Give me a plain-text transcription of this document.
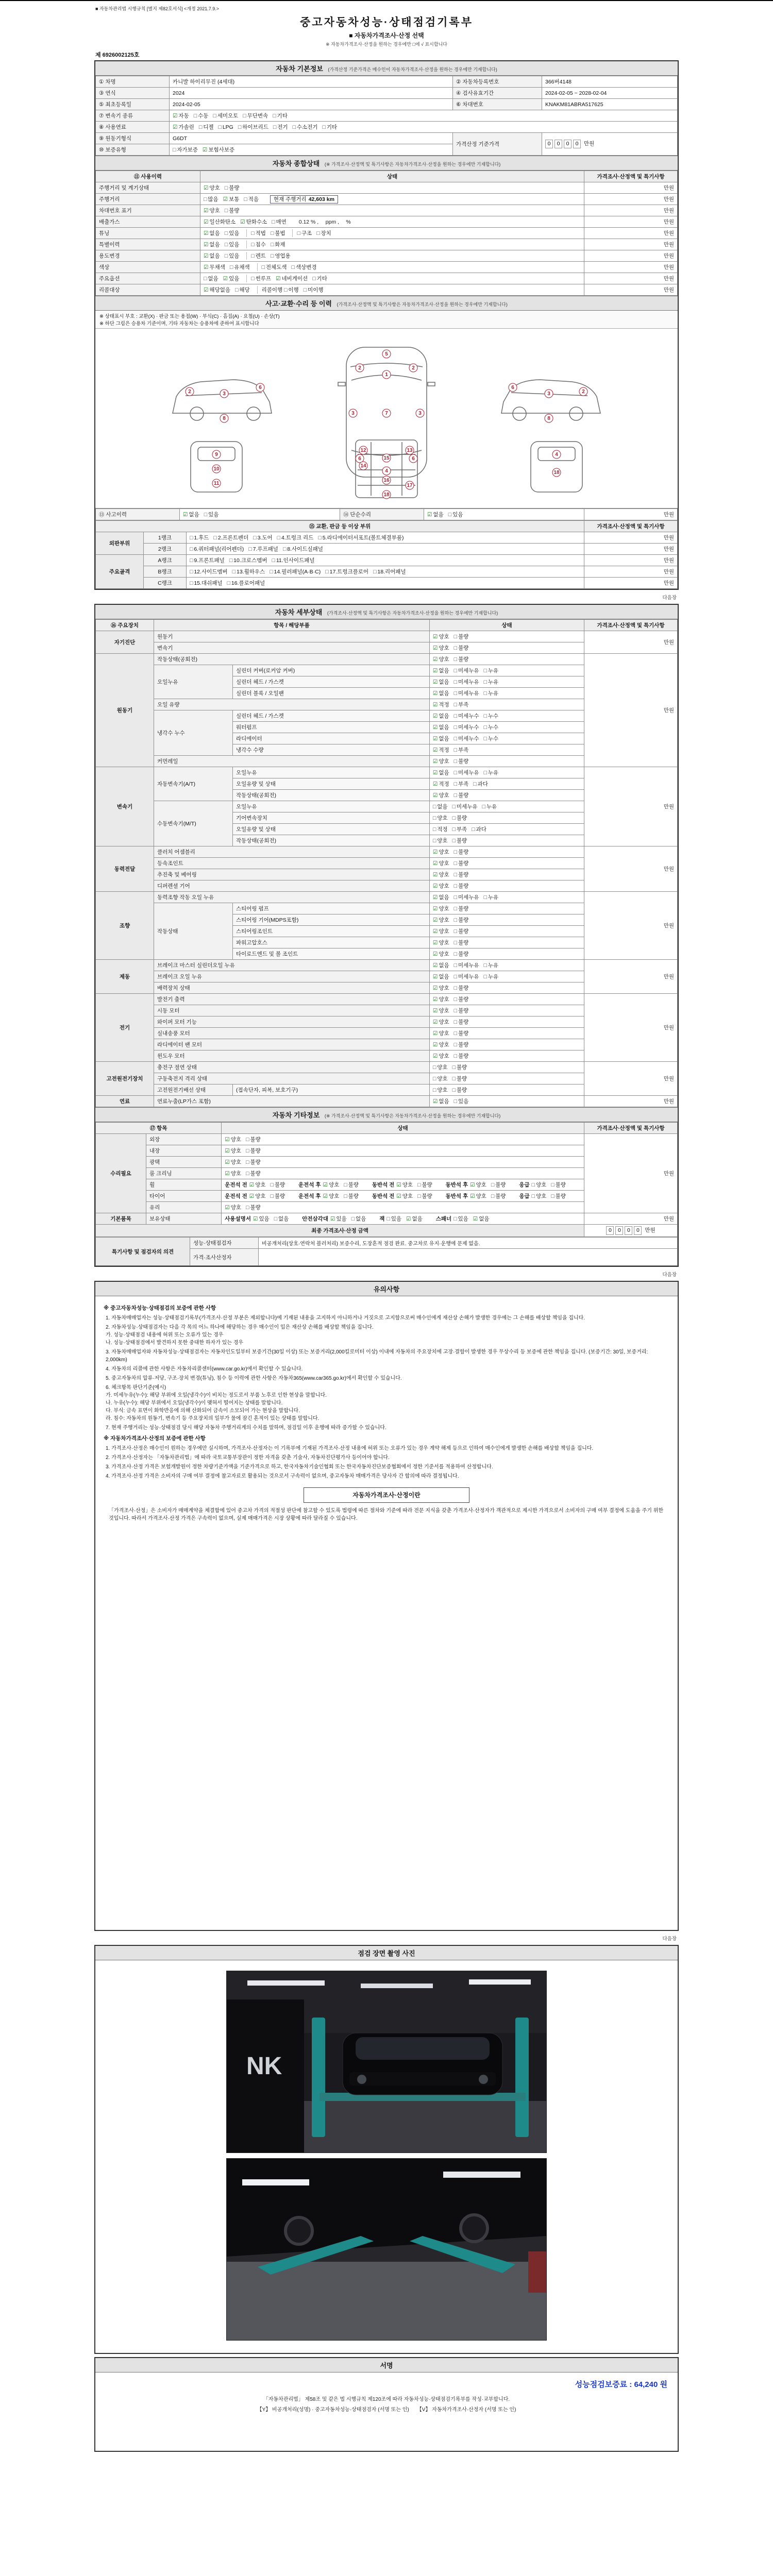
■ 자동차관리법 시행규칙 [별지 제82호서식] <개정 2021.7.9.>
중고자동차성능·상태점검기록부
■ 자동차가격조사·산정 선택
※ 자동차가격조사·산정을 원하는 경우에만 □에 √ 표시합니다
제 6926002125호
자동차 기본정보 (가격산정 기준가격은 매수인이 자동차가격조사·산정을 원하는 경우에만 기재합니다)
① 차명	카니발 하이리무진 (4세대)	② 자동차등록번호	366버4148
③ 연식	2024	④ 검사유효기간	2024-02-05 ~ 2028-02-04
⑤ 최초등록일	2024-02-05	⑥ 차대번호	KNAKM81ABRA517625
⑦ 변속기 종류	☑ 자동 □ 수동 □ 세미오토 □ 무단변속 □ 기타		
⑧ 사용연료	☑ 가솔린 □ 디젤 □ LPG □ 하이브리드 □ 전기 □ 수소전기 □ 기타		
⑨ 원동기형식	G6DT	가격산정 기준가격	0 0 0 0 만원
⑩ 보증유형	□ 자가보증 ☑ 보험사보증		
자동차 종합상태 (※ 가격조사·산정액 및 특기사항은 자동차가격조사·산정을 원하는 경우에만 기재합니다)
⑪ 사용이력	상태	가격조사·산정액 및 특기사항
주행거리 및 계기상태	☑ 양호 □ 불량	만원
주행거리	□ 많음 ☑ 보통 □ 적음 현재 주행거리 42,603 km	만원
차대번호 표기	☑ 양호 □ 불량	만원
배출가스	☑ 일산화탄소 ☑ 탄화수소 □ 매연 0.12 % ,　 ppm ,　 %	만원
튜닝	☑ 없음 □ 있음 □ 적법 □ 불법 □ 구조 □ 장치	만원
특별이력	☑ 없음 □ 있음 □ 침수 □ 화재	만원
용도변경	☑ 없음 □ 있음 □ 렌트 □ 영업용	만원
색상	☑ 무채색 □ 유채색 □ 전체도색 □ 색상변경	만원
주요옵션	□ 없음 ☑ 있음 □ 썬루프 ☑ 네비게이션 □ 기타	만원
리콜대상	☑ 해당없음 □ 해당 리콜이행 □ 이행 □ 미이행	만원
사고·교환·수리 등 이력 (가격조사·산정액 및 특기사항은 자동차가격조사·산정을 원하는 경우에만 기재합니다)
※ 상태표시 부호 : 교환(X) · 판금 또는 용접(W) · 부식(C) · 흠집(A) · 요철(U) · 손상(T)
※ 하단 그림은 승용차 기준이며, 기타 자동차는 승용차에 준하여 표시합니다
2	3
6
8
5
1
2	2
3	3
7
6	6
4
2
3
6
8
9
10
11
12	13
14
15
16
17
18
4
18
⑬ 사고이력	☑ 없음 □ 있음	⑭ 단순수리	☑ 없음 □ 있음	만원
⑮ 교환, 판금 등 이상 부위			가격조사·산정액 및 특기사항
외판부위	1랭크	□ 1.후드 □ 2.프론트펜더 □ 3.도어 □ 4.트렁크 리드 □ 5.라디에이터서포트(볼트체결부품)	만원
	2랭크	□ 6.쿼터패널(리어펜더) □ 7.루프패널 □ 8.사이드실패널	만원
주요골격	A랭크	□ 9.프론트패널 □ 10.크로스멤버 □ 11.인사이드패널	만원
	B랭크	□ 12.사이드멤버 □ 13.휠하우스 □ 14.필러패널(A·B·C) □ 17.트렁크플로어 □ 18.리어패널	만원
	C랭크	□ 15.대쉬패널 □ 16.플로어패널	만원
다음장
자동차 세부상태 (가격조사·산정액 및 특기사항은 자동차가격조사·산정을 원하는 경우에만 기재합니다)
⑯ 주요장치	항목 / 해당부품		상태	가격조사·산정액 및 특기사항
자기진단	원동기		☑ 양호 □ 불량	만원
	변속기		☑ 양호 □ 불량	
원동기	작동상태(공회전)		☑ 양호 □ 불량	만원
	오일누유	실린더 커버(로커암 커버)	☑ 없음 □ 미세누유 □ 누유	
		실린더 헤드 / 가스켓	☑ 없음 □ 미세누유 □ 누유	
		실린더 블록 / 오일팬	☑ 없음 □ 미세누유 □ 누유	
	오일 유량		☑ 적정 □ 부족	
	냉각수 누수	실린더 헤드 / 가스켓	☑ 없음 □ 미세누수 □ 누수	
		워터펌프	☑ 없음 □ 미세누수 □ 누수	
		라디에이터	☑ 없음 □ 미세누수 □ 누수	
		냉각수 수량	☑ 적정 □ 부족	
	커먼레일		☑ 양호 □ 불량	
변속기	자동변속기(A/T)	오일누유	☑ 없음 □ 미세누유 □ 누유	만원
		오일유량 및 상태	☑ 적정 □ 부족 □ 과다	
		작동상태(공회전)	☑ 양호 □ 불량	
	수동변속기(M/T)	오일누유	□ 없음 □ 미세누유 □ 누유	
		기어변속장치	□ 양호 □ 불량	
		오일유량 및 상태	□ 적정 □ 부족 □ 과다	
		작동상태(공회전)	□ 양호 □ 불량	
동력전달	클러치 어셈블리		☑ 양호 □ 불량	만원
	등속조인트		☑ 양호 □ 불량	
	추진축 및 베어링		☑ 양호 □ 불량	
	디퍼렌셜 기어		☑ 양호 □ 불량	
조향	동력조향 작동 오일 누유		☑ 없음 □ 미세누유 □ 누유	만원
	작동상태	스티어링 펌프	☑ 양호 □ 불량	
		스티어링 기어(MDPS포함)	☑ 양호 □ 불량	
		스티어링조인트	☑ 양호 □ 불량	
		파워고압호스	☑ 양호 □ 불량	
		타이로드엔드 및 볼 조인트	☑ 양호 □ 불량	
제동	브레이크 마스터 실린더오일 누유		☑ 없음 □ 미세누유 □ 누유	만원
	브레이크 오일 누유		☑ 없음 □ 미세누유 □ 누유	
	배력장치 상태		☑ 양호 □ 불량	
전기	발전기 출력		☑ 양호 □ 불량	만원
	시동 모터		☑ 양호 □ 불량	
	와이퍼 모터 기능		☑ 양호 □ 불량	
	실내송풍 모터		☑ 양호 □ 불량	
	라디에이터 팬 모터		☑ 양호 □ 불량	
	윈도우 모터		☑ 양호 □ 불량	
고전원전기장치	충전구 절연 상태		□ 양호 □ 불량	만원
	구동축전지 격리 상태		□ 양호 □ 불량	
	고전원전기배선 상태	(접속단자, 피복, 보호기구)	□ 양호 □ 불량	
연료	연료누출(LP가스 포함)		☑ 없음 □ 있음	만원
자동차 기타정보 (※ 가격조사·산정액 및 특기사항은 자동차가격조사·산정을 원하는 경우에만 기재합니다)
⑰ 항목		상태	가격조사·산정액 및 특기사항
수리필요	외장	☑ 양호 □ 불량	만원
	내장	☑ 양호 □ 불량	
	광택	☑ 양호 □ 불량	
	룸 크리닝	☑ 양호 □ 불량	
	휠	운전석 전 ☑ 양호 □ 불량 운전석 후 ☑ 양호 □ 불량 동반석 전 ☑ 양호 □ 불량 동반석 후 ☑ 양호 □ 불량 응급 □ 양호 □ 불량	
	타이어	운전석 전 ☑ 양호 □ 불량 운전석 후 ☑ 양호 □ 불량 동반석 전 ☑ 양호 □ 불량 동반석 후 ☑ 양호 □ 불량 응급 □ 양호 □ 불량	
	유리	☑ 양호 □ 불량	
기본품목	보유상태	사용설명서 ☑ 있음 □ 없음 안전삼각대 ☑ 있음 □ 없음 잭 □ 있음 ☑ 없음 스패너 □ 있음 ☑ 없음	만원
최종 가격조사·산정 금액			0 0 0 0 만원
특기사항 및 점검자의 의견	성능·상태점검자	비공개처리(상호·연락처 블러처리) 보증수리, 도장흔적 점검 완료. 중고차로 유지·운행에 문제 없음.
	가격·조사산정자	
다음장
유의사항
※ 중고자동차성능·상태점검의 보증에 관한 사항
1. 자동차매매업자는 성능·상태점검기록부(가격조사·산정 부분은 제외합니다)에 기재된 내용을 고지하지 아니하거나 거짓으로 고지함으로써 매수인에게 재산상 손해가 발생한 경우에는 그 손해를 배상할 책임을 집니다.
2. 자동차성능·상태점검자는 다음 각 목의 어느 하나에 해당하는 경우 매수인이 입은 재산상 손해를 배상할 책임을 집니다.
가. 성능·상태점검 내용에 허위 또는 오류가 있는 경우
나. 성능·상태점검에서 발견하지 못한 중대한 하자가 있는 경우
3. 자동차매매업자와 자동차성능·상태점검자는 자동차인도일부터 보증기간(30일 이상) 또는 보증거리(2,000킬로미터 이상) 이내에 자동차의 주요장치에 고장·결함이 발생한 경우 무상수리 등 보증에 관한 책임을 집니다. (보증기간: 30일, 보증거리: 2,000km)
4. 자동차의 리콜에 관한 사항은 자동차리콜센터(www.car.go.kr)에서 확인할 수 있습니다.
5. 중고자동차의 압류·저당, 구조·장치 변경(튜닝), 침수 등 이력에 관한 사항은 자동차365(www.car365.go.kr)에서 확인할 수 있습니다.
6. 체크항목 판단기준(예시)
가. 미세누유(누수): 해당 부위에 오일(냉각수)이 비치는 정도로서 부품 노후로 인한 현상을 말합니다.
나. 누유(누수): 해당 부위에서 오일(냉각수)이 맺혀서 떨어지는 상태를 말합니다.
다. 부식: 금속 표면이 화학반응에 의해 산화되어 금속이 소모되어 가는 현상을 말합니다.
라. 침수: 자동차의 원동기, 변속기 등 주요장치의 일부가 물에 잠긴 흔적이 있는 상태를 말합니다.
7. 현재 주행거리는 성능·상태점검 당시 해당 자동차 주행거리계의 수치를 말하며, 점검일 이후 운행에 따라 증가할 수 있습니다.
※ 자동차가격조사·산정의 보증에 관한 사항
1. 가격조사·산정은 매수인이 원하는 경우에만 실시하며, 가격조사·산정자는 이 기록부에 기재된 가격조사·산정 내용에 허위 또는 오류가 있는 경우 계약 해제 등으로 인하여 매수인에게 발생한 손해를 배상할 책임을 집니다.
2. 가격조사·산정자는 「자동차관리법」에 따라 국토교통부장관이 정한 자격을 갖춘 기술사, 자동차진단평가사 등이어야 합니다.
3. 가격조사·산정 가격은 보험개발원이 정한 차량기준가액을 기준가격으로 하고, 한국자동차기술인협회 또는 한국자동차진단보증협회에서 정한 기준서를 적용하여 산정합니다.
4. 가격조사·산정 가격은 소비자의 구매 여부 결정에 참고자료로 활용되는 것으로서 구속력이 없으며, 중고자동차 매매가격은 당사자 간 합의에 따라 결정됩니다.
자동차가격조사·산정이란
「가격조사·산정」은 소비자가 매매계약을 체결함에 있어 중고차 가격의 적절성 판단에 참고할 수 있도록 법령에 따른 절차와 기준에 따라 전문 지식을 갖춘 가격조사·산정자가 객관적으로 제시한 가격으로서 소비자의 구매 여부 결정에 도움을 주기 위한 것입니다. 따라서 가격조사·산정 가격은 구속력이 없으며, 실제 매매가격은 시장 상황에 따라 달라질 수 있습니다.
다음장
점검 장면 촬영 사진
NK
서명
성능점검보증료 : 64,240 원
「자동차관리법」 제58조 및 같은 법 시행규칙 제120조에 따라 자동차성능·상태점검기록부를 작성·교부합니다.
【Y】 비공개처리(성명) · 중고자동차성능·상태점검자 (서명 또는 인)　　【V】 자동차가격조사·산정자 (서명 또는 인)
